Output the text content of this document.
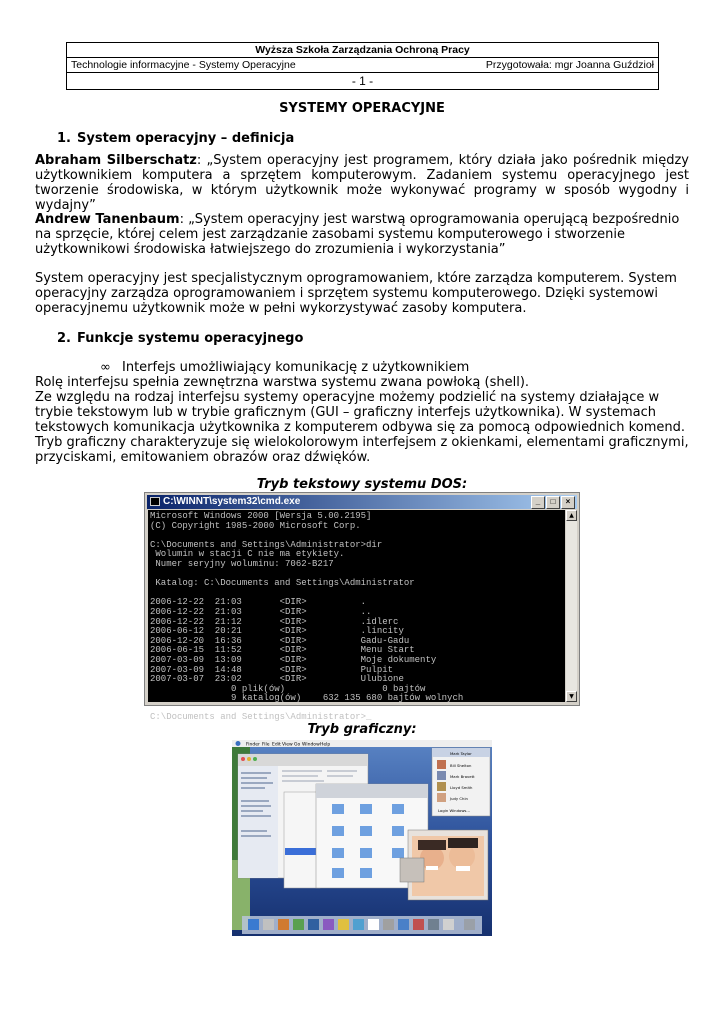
Wyższa Szkoła Zarządzania Ochroną Pracy
Technologie informacyjne - Systemy Operacyjne	Przygotowała: mgr Joanna Guździoł
- 1 -
SYSTEMY OPERACYJNE
1. System operacyjny – definicja
Abraham Silberschatz: „System operacyjny jest programem, który działa jako pośrednik między użytkownikiem komputera a sprzętem komputerowym. Zadaniem systemu operacyjnego jest tworzenie środowiska, w którym użytkownik może wykonywać programy w sposób wygodny i wydajny”
Andrew Tanenbaum: „System operacyjny jest warstwą oprogramowania operującą bezpośrednio na sprzęcie, której celem jest zarządzanie zasobami systemu komputerowego i stworzenie użytkownikowi środowiska łatwiejszego do zrozumienia i wykorzystania”
System operacyjny jest specjalistycznym oprogramowaniem, które zarządza komputerem. System operacyjny zarządza oprogramowaniem i sprzętem systemu komputerowego. Dzięki systemowi operacyjnemu użytkownik może w pełni wykorzystywać zasoby komputera.
2. Funkcje systemu operacyjnego
∞ Interfejs umożliwiający komunikację z użytkownikiem
Rolę interfejsu spełnia zewnętrzna warstwa systemu zwana powłoką (shell).
Ze względu na rodzaj interfejsu systemy operacyjne możemy podzielić na systemy działające w trybie tekstowym lub w trybie graficznym (GUI – graficzny interfejs użytkownika). W systemach tekstowych komunikacja użytkownika z komputerem odbywa się za pomocą odpowiednich komend. Tryb graficzny charakteryzuje się wielokolorowym interfejsem z okienkami, elementami graficznymi, przyciskami, emitowaniem obrazów oraz dźwięków.
Tryb tekstowy systemu DOS:
C:\WINNT\system32\cmd.exe	_ □ ×
Microsoft Windows 2000 [Wersja 5.00.2195]
(C) Copyright 1985-2000 Microsoft Corp.

C:\Documents and Settings\Administrator>dir
Wolumin w stacji C nie ma etykiety.
Numer seryjny woluminu: 7062-B217

Katalog: C:\Documents and Settings\Administrator

2006-12-22  21:03       <DIR>          .
2006-12-22  21:03       <DIR>          ..
2006-12-22  21:12       <DIR>          .idlerc
2006-06-12  20:21       <DIR>          .lincity
2006-12-20  16:36       <DIR>          Gadu-Gadu
2006-06-15  11:52       <DIR>          Menu Start
2007-03-09  13:09       <DIR>          Moje dokumenty
2007-03-09  14:48       <DIR>          Pulpit
2007-03-07  23:02       <DIR>          Ulubione
0 plik(ów)                  0 bajtów
9 katalog(ów)    632 135 680 bajtów wolnych

C:\Documents and Settings\Administrator>_
▲
▼
Tryb graficzny:
Finder File Edit View Go Window Help
Mark Taylor
Bill Shelton
Mark Bravett
Lloyd Smith
Judy Chin
Login Windows...
